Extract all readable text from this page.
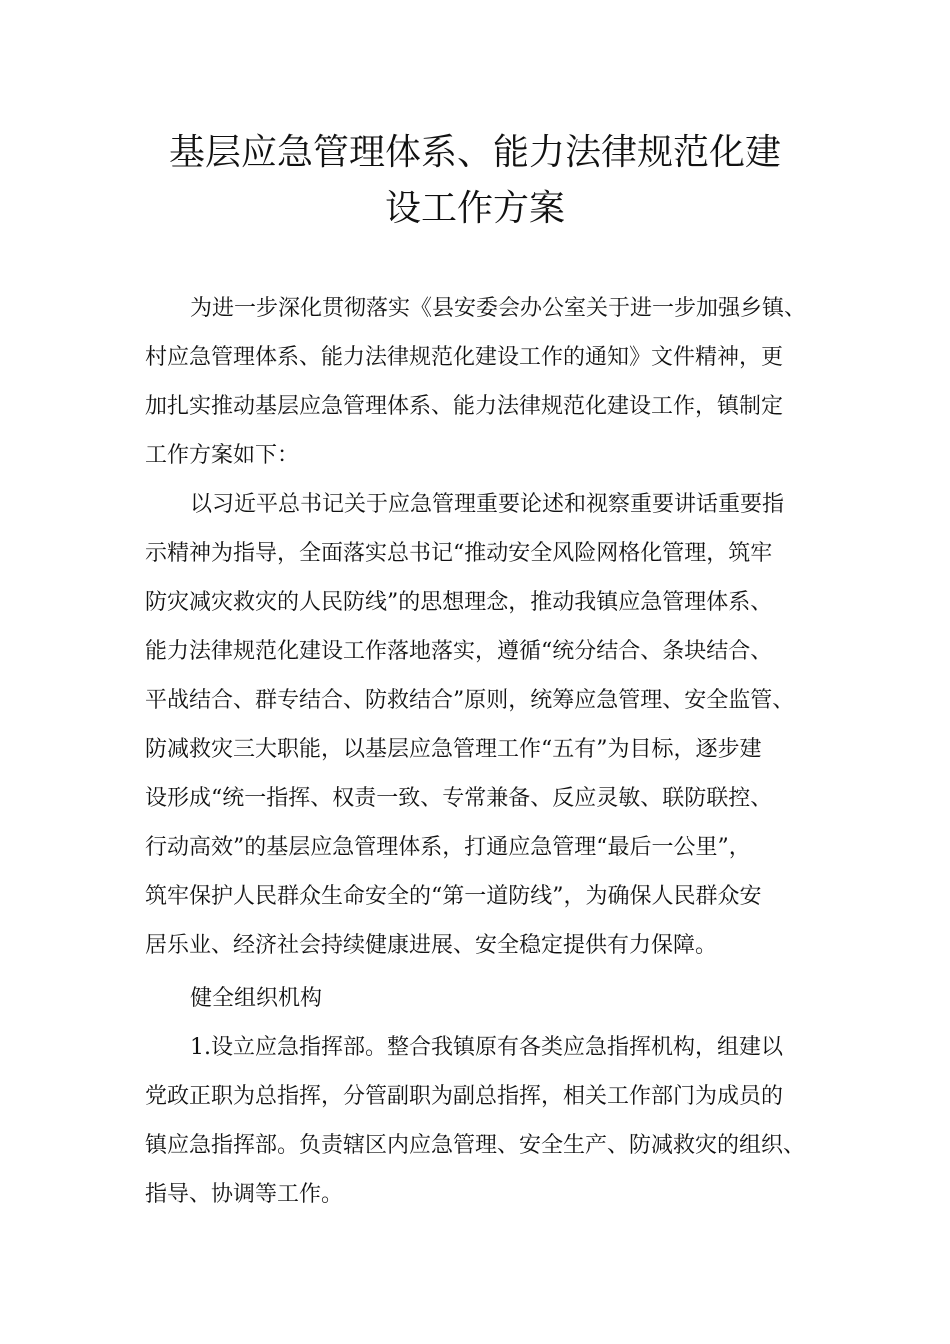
基层应急管理体系、能力法律规范化建
设工作方案

为进一步深化贯彻落实《县安委会办公室关于进一步加强乡镇、

村应急管理体系、能力法律规范化建设工作的通知》文件精神，更

加扎实推动基层应急管理体系、能力法律规范化建设工作，镇制定

工作方案如下：

以习近平总书记关于应急管理重要论述和视察重要讲话重要指

示精神为指导，全面落实总书记“推动安全风险网格化管理，筑牢

防灾减灾救灾的人民防线”的思想理念，推动我镇应急管理体系、

能力法律规范化建设工作落地落实，遵循“统分结合、条块结合、

平战结合、群专结合、防救结合”原则，统筹应急管理、安全监管、

防减救灾三大职能，以基层应急管理工作“五有”为目标，逐步建

设形成“统一指挥、权责一致、专常兼备、反应灵敏、联防联控、

行动高效”的基层应急管理体系，打通应急管理“最后一公里”，

筑牢保护人民群众生命安全的“第一道防线”，为确保人民群众安

居乐业、经济社会持续健康进展、安全稳定提供有力保障。

健全组织机构

1.设立应急指挥部。整合我镇原有各类应急指挥机构，组建以

党政正职为总指挥，分管副职为副总指挥，相关工作部门为成员的

镇应急指挥部。负责辖区内应急管理、安全生产、防减救灾的组织、

指导、协调等工作。
